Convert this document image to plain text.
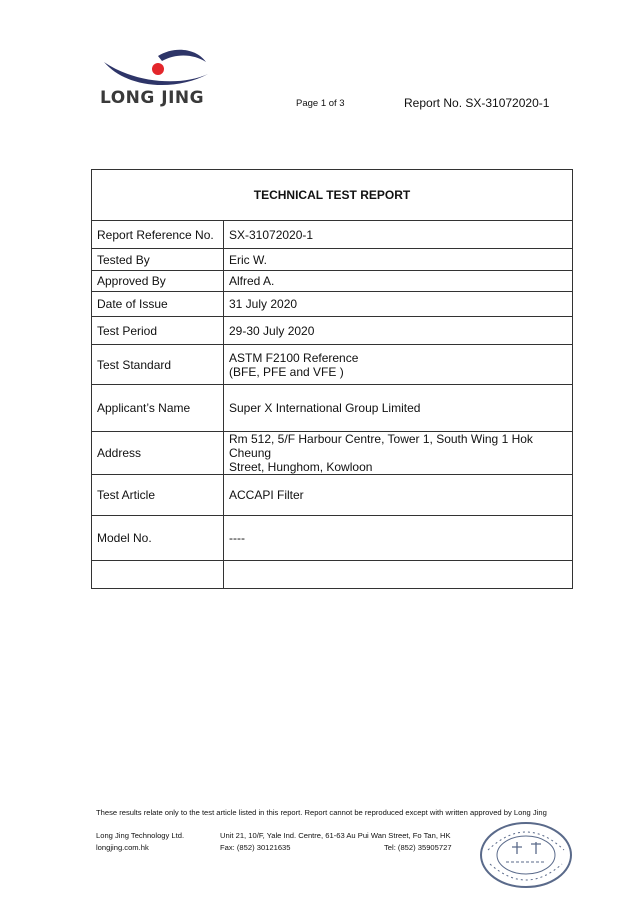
LONG JING	Page 1 of 3	Report No. SX-31072020-1
TECHNICAL TEST REPORT	
Report Reference No.	SX-31072020-1
Tested By	Eric W.
Approved By	Alfred A.
Date of Issue	31 July 2020
Test Period	29-30 July 2020
Test Standard	ASTM F2100 Reference
(BFE, PFE and VFE )

Applicant’s Name	Super X International Group Limited
Address	Rm 512, 5/F Harbour Centre, Tower 1, South Wing 1 Hok Cheung
Street, Hunghom, Kowloon

Test Article	ACCAPI Filter
Model No.	----

These results relate only to the test article listed in this report. Report cannot be reproduced except with written approved by Long Jing
Long Jing Technology Ltd.
longjing.com.hk
Unit 21, 10/F, Yale Ind. Centre, 61-63 Au Pui Wan Street, Fo Tan, HK
Fax: (852) 30121635	Tel: (852) 35905727
